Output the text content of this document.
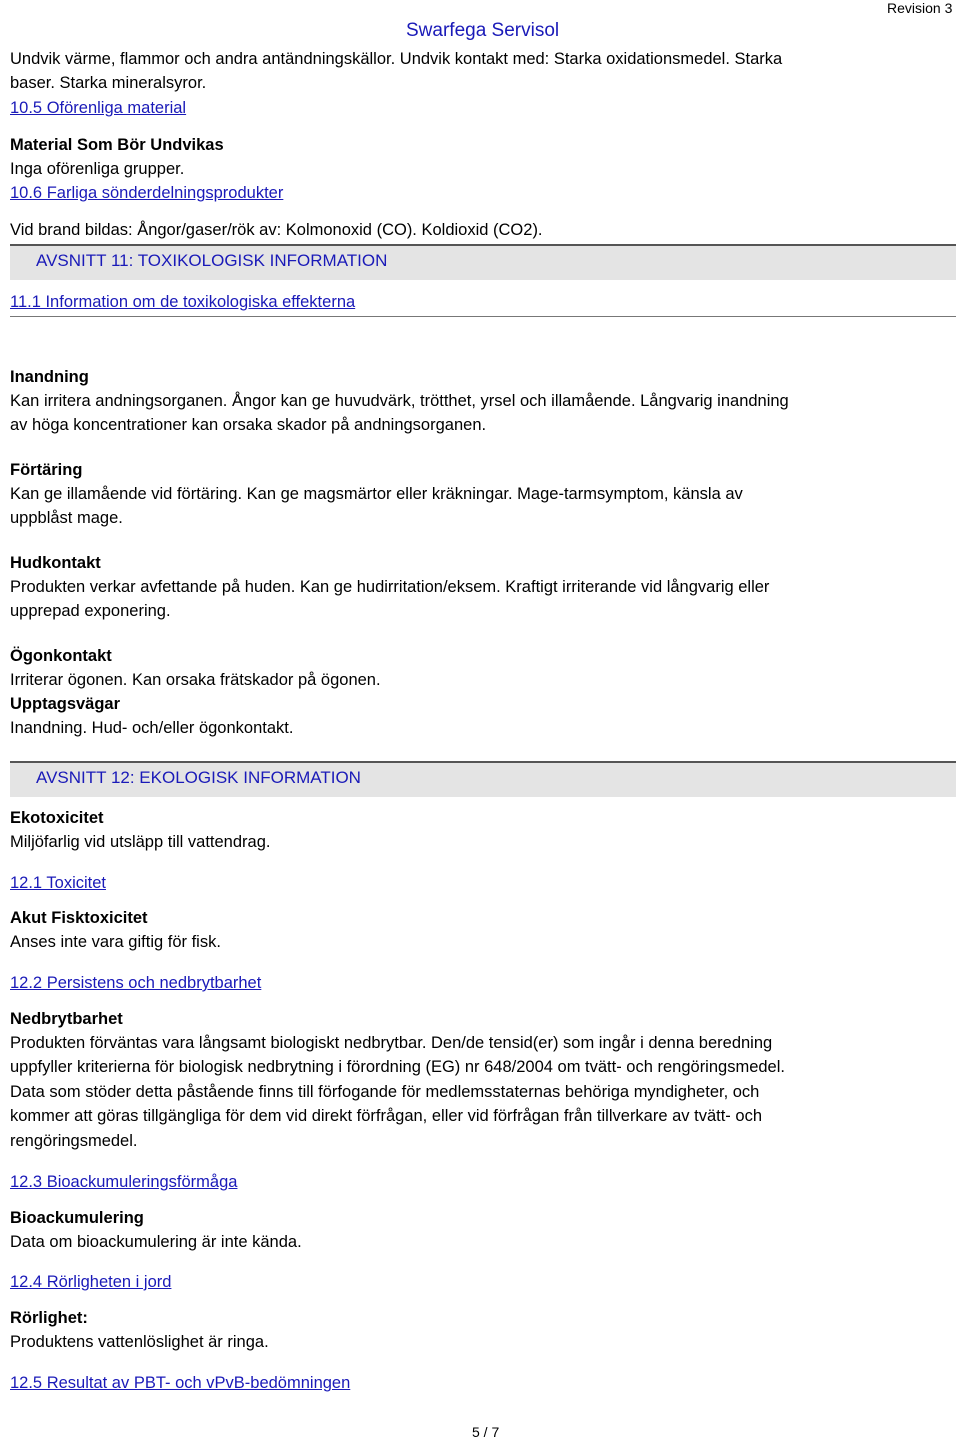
Swarfega Servisol
Revision 3
Undvik värme, flammor och andra antändningskällor. Undvik kontakt med: Starka oxidationsmedel. Starka
baser. Starka mineralsyror.
10.5 Oförenliga material
Material Som Bör Undvikas
Inga oförenliga grupper.
10.6 Farliga sönderdelningsprodukter
Vid brand bildas: Ångor/gaser/rök av: Kolmonoxid (CO). Koldioxid (CO2).
AVSNITT 11: TOXIKOLOGISK INFORMATION
11.1 Information om de toxikologiska effekterna
Inandning
Kan irritera andningsorganen. Ångor kan ge huvudvärk, trötthet, yrsel och illamående. Långvarig inandning
av höga koncentrationer kan orsaka skador på andningsorganen.
Förtäring
Kan ge illamående vid förtäring. Kan ge magsmärtor eller kräkningar. Mage-tarmsymptom, känsla av
uppblåst mage.
Hudkontakt
Produkten verkar avfettande på huden. Kan ge hudirritation/eksem. Kraftigt irriterande vid långvarig eller
upprepad exponering.
Ögonkontakt
Irriterar ögonen. Kan orsaka frätskador på ögonen.
Upptagsvägar
Inandning. Hud- och/eller ögonkontakt.
AVSNITT 12: EKOLOGISK INFORMATION
Ekotoxicitet
Miljöfarlig vid utsläpp till vattendrag.
12.1 Toxicitet
Akut Fisktoxicitet
Anses inte vara giftig för fisk.
12.2 Persistens och nedbrytbarhet
Nedbrytbarhet
Produkten förväntas vara långsamt biologiskt nedbrytbar. Den/de tensid(er) som ingår i denna beredning
uppfyller kriterierna för biologisk nedbrytning i förordning (EG) nr 648/2004 om tvätt- och rengöringsmedel.
Data som stöder detta påstående finns till förfogande för medlemsstaternas behöriga myndigheter, och
kommer att göras tillgängliga för dem vid direkt förfrågan, eller vid förfrågan från tillverkare av tvätt- och
rengöringsmedel.
12.3 Bioackumuleringsförmåga
Bioackumulering
Data om bioackumulering är inte kända.
12.4 Rörligheten i jord
Rörlighet:
Produktens vattenlöslighet är ringa.
12.5 Resultat av PBT- och vPvB-bedömningen
5 / 7
